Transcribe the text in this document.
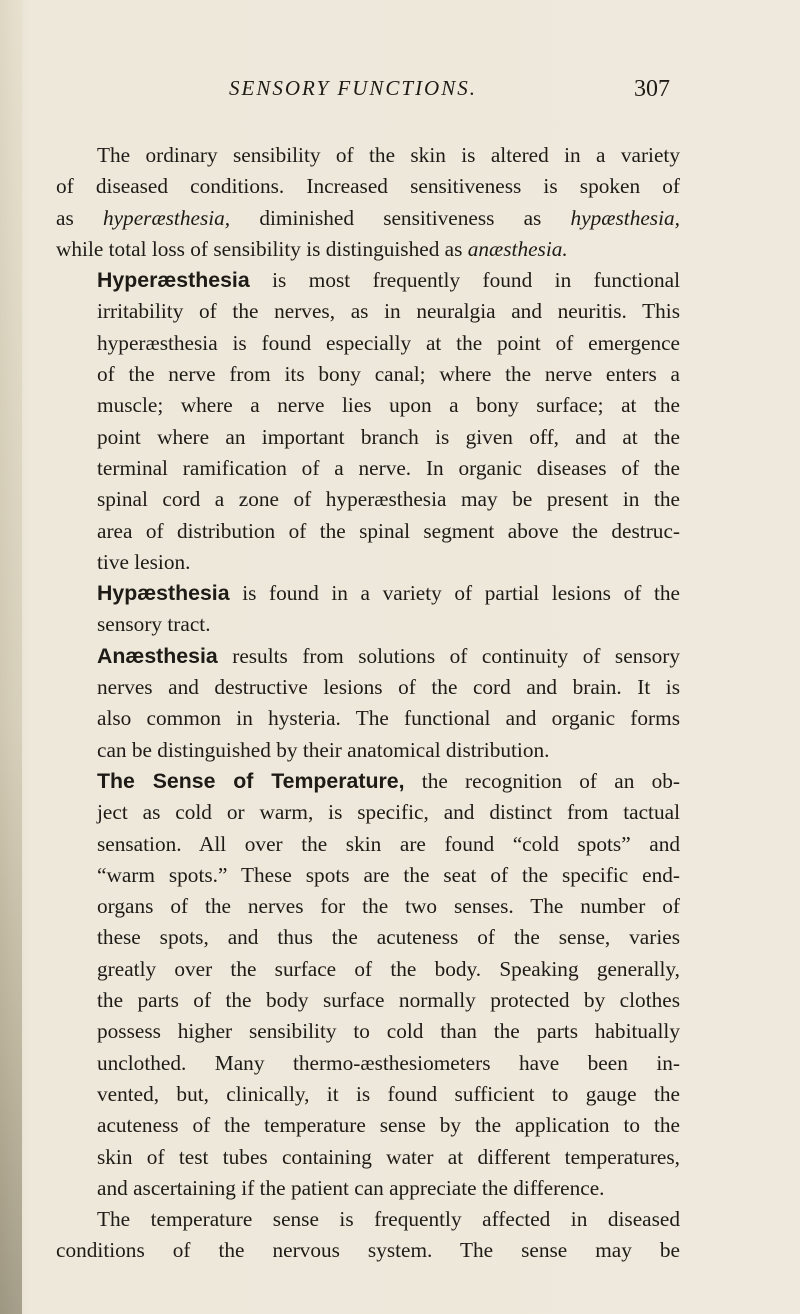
SENSORY FUNCTIONS.	307
The ordinary sensibility of the skin is altered in a variety
of diseased conditions. Increased sensitiveness is spoken of
as hyperæsthesia, diminished sensitiveness as hypæsthesia,
while total loss of sensibility is distinguished as anæsthesia.
Hyperæsthesia is most frequently found in functional
irritability of the nerves, as in neuralgia and neuritis. This
hyperæsthesia is found especially at the point of emergence
of the nerve from its bony canal; where the nerve enters a
muscle; where a nerve lies upon a bony surface; at the
point where an important branch is given off, and at the
terminal ramification of a nerve. In organic diseases of the
spinal cord a zone of hyperæsthesia may be present in the
area of distribution of the spinal segment above the destruc-
tive lesion.
Hypæsthesia is found in a variety of partial lesions of the
sensory tract.
Anæsthesia results from solutions of continuity of sensory
nerves and destructive lesions of the cord and brain. It is
also common in hysteria. The functional and organic forms
can be distinguished by their anatomical distribution.
The Sense of Temperature, the recognition of an ob-
ject as cold or warm, is specific, and distinct from tactual
sensation. All over the skin are found “cold spots” and
“warm spots.” These spots are the seat of the specific end-
organs of the nerves for the two senses. The number of
these spots, and thus the acuteness of the sense, varies
greatly over the surface of the body. Speaking generally,
the parts of the body surface normally protected by clothes
possess higher sensibility to cold than the parts habitually
unclothed. Many thermo-æsthesiometers have been in-
vented, but, clinically, it is found sufficient to gauge the
acuteness of the temperature sense by the application to the
skin of test tubes containing water at different temperatures,
and ascertaining if the patient can appreciate the difference.
The temperature sense is frequently affected in diseased
conditions of the nervous system. The sense may be
